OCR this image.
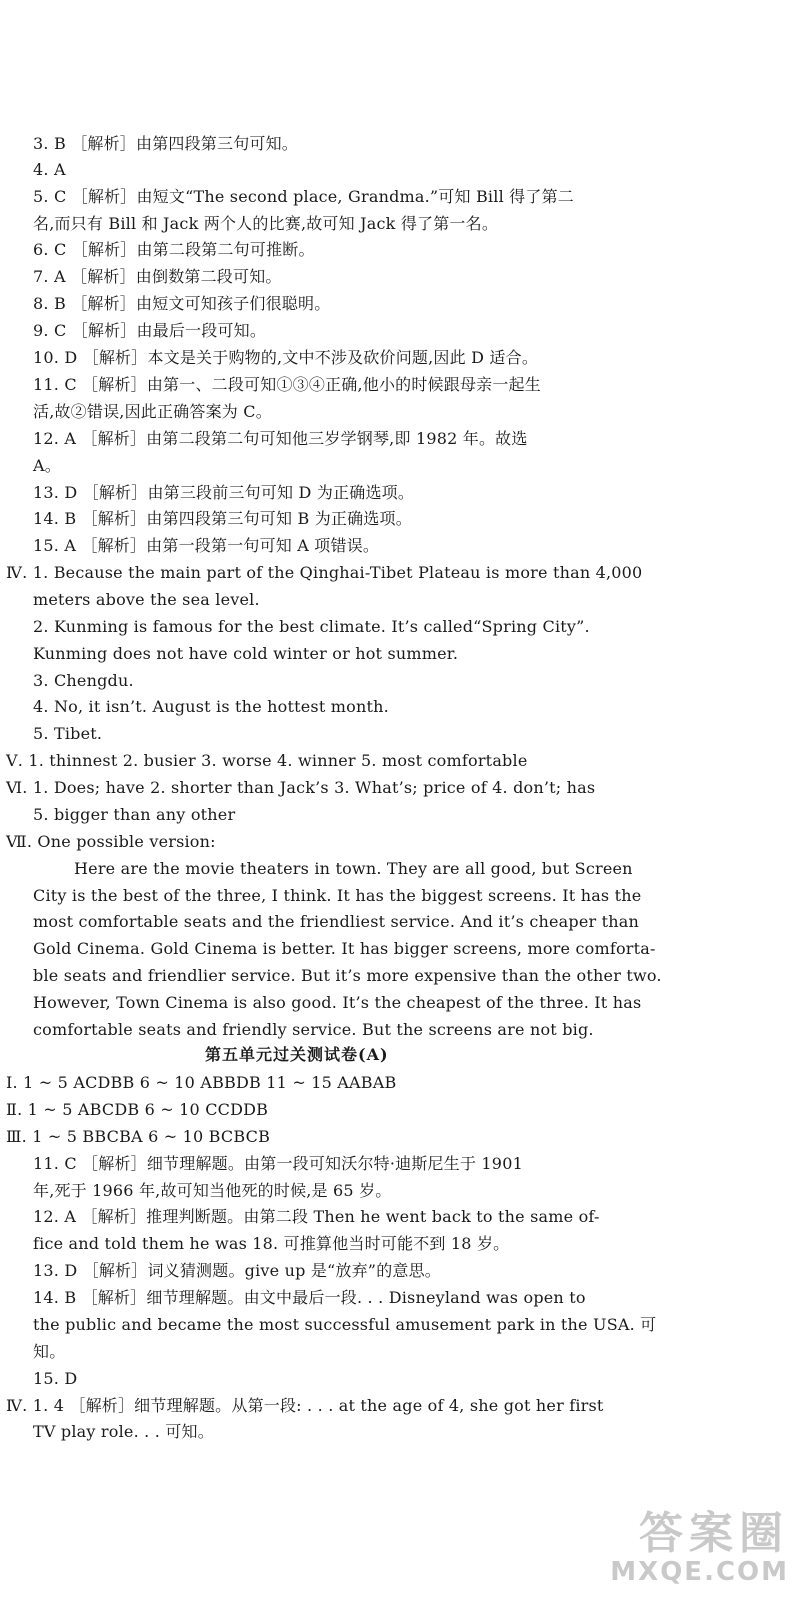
3. B ［解析］由第四段第三句可知。
4. A
5. C ［解析］由短文“The second place, Grandma.”可知 Bill 得了第二
名,而只有 Bill 和 Jack 两个人的比赛,故可知 Jack 得了第一名。
6. C ［解析］由第二段第二句可推断。
7. A ［解析］由倒数第二段可知。
8. B ［解析］由短文可知孩子们很聪明。
9. C ［解析］由最后一段可知。
10. D ［解析］本文是关于购物的,文中不涉及砍价问题,因此 D 适合。
11. C ［解析］由第一、二段可知①③④正确,他小的时候跟母亲一起生
活,故②错误,因此正确答案为 C。
12. A ［解析］由第二段第二句可知他三岁学钢琴,即 1982 年。故选
A。
13. D ［解析］由第三段前三句可知 D 为正确选项。
14. B ［解析］由第四段第三句可知 B 为正确选项。
15. A ［解析］由第一段第一句可知 A 项错误。
Ⅳ. 1. Because the main part of the Qinghai-Tibet Plateau is more than 4,000
meters above the sea level.
2. Kunming is famous for the best climate. It’s called“Spring City”.
Kunming does not have cold winter or hot summer.
3. Chengdu.
4. No, it isn’t. August is the hottest month.
5. Tibet.
Ⅴ. 1. thinnest 2. busier 3. worse 4. winner 5. most comfortable
Ⅵ. 1. Does; have 2. shorter than Jack’s 3. What’s; price of 4. don’t; has
5. bigger than any other
Ⅶ. One possible version:
Here are the movie theaters in town. They are all good, but Screen
City is the best of the three, I think. It has the biggest screens. It has the
most comfortable seats and the friendliest service. And it’s cheaper than
Gold Cinema. Gold Cinema is better. It has bigger screens, more comforta-
ble seats and friendlier service. But it’s more expensive than the other two.
However, Town Cinema is also good. It’s the cheapest of the three. It has
comfortable seats and friendly service. But the screens are not big.
第五单元过关测试卷(A)
Ⅰ. 1 ~ 5 ACDBB 6 ~ 10 ABBDB 11 ~ 15 AABAB
Ⅱ. 1 ~ 5 ABCDB 6 ~ 10 CCDDB
Ⅲ. 1 ~ 5 BBCBA 6 ~ 10 BCBCB
11. C ［解析］细节理解题。由第一段可知沃尔特·迪斯尼生于 1901
年,死于 1966 年,故可知当他死的时候,是 65 岁。
12. A ［解析］推理判断题。由第二段 Then he went back to the same of-
fice and told them he was 18. 可推算他当时可能不到 18 岁。
13. D ［解析］词义猜测题。give up 是“放弃”的意思。
14. B ［解析］细节理解题。由文中最后一段. . . Disneyland was open to
the public and became the most successful amusement park in the USA. 可
知。
15. D
Ⅳ. 1. 4 ［解析］细节理解题。从第一段: . . . at the age of 4, she got her first
TV play role. . . 可知。
答案圈
MXQE.COM
